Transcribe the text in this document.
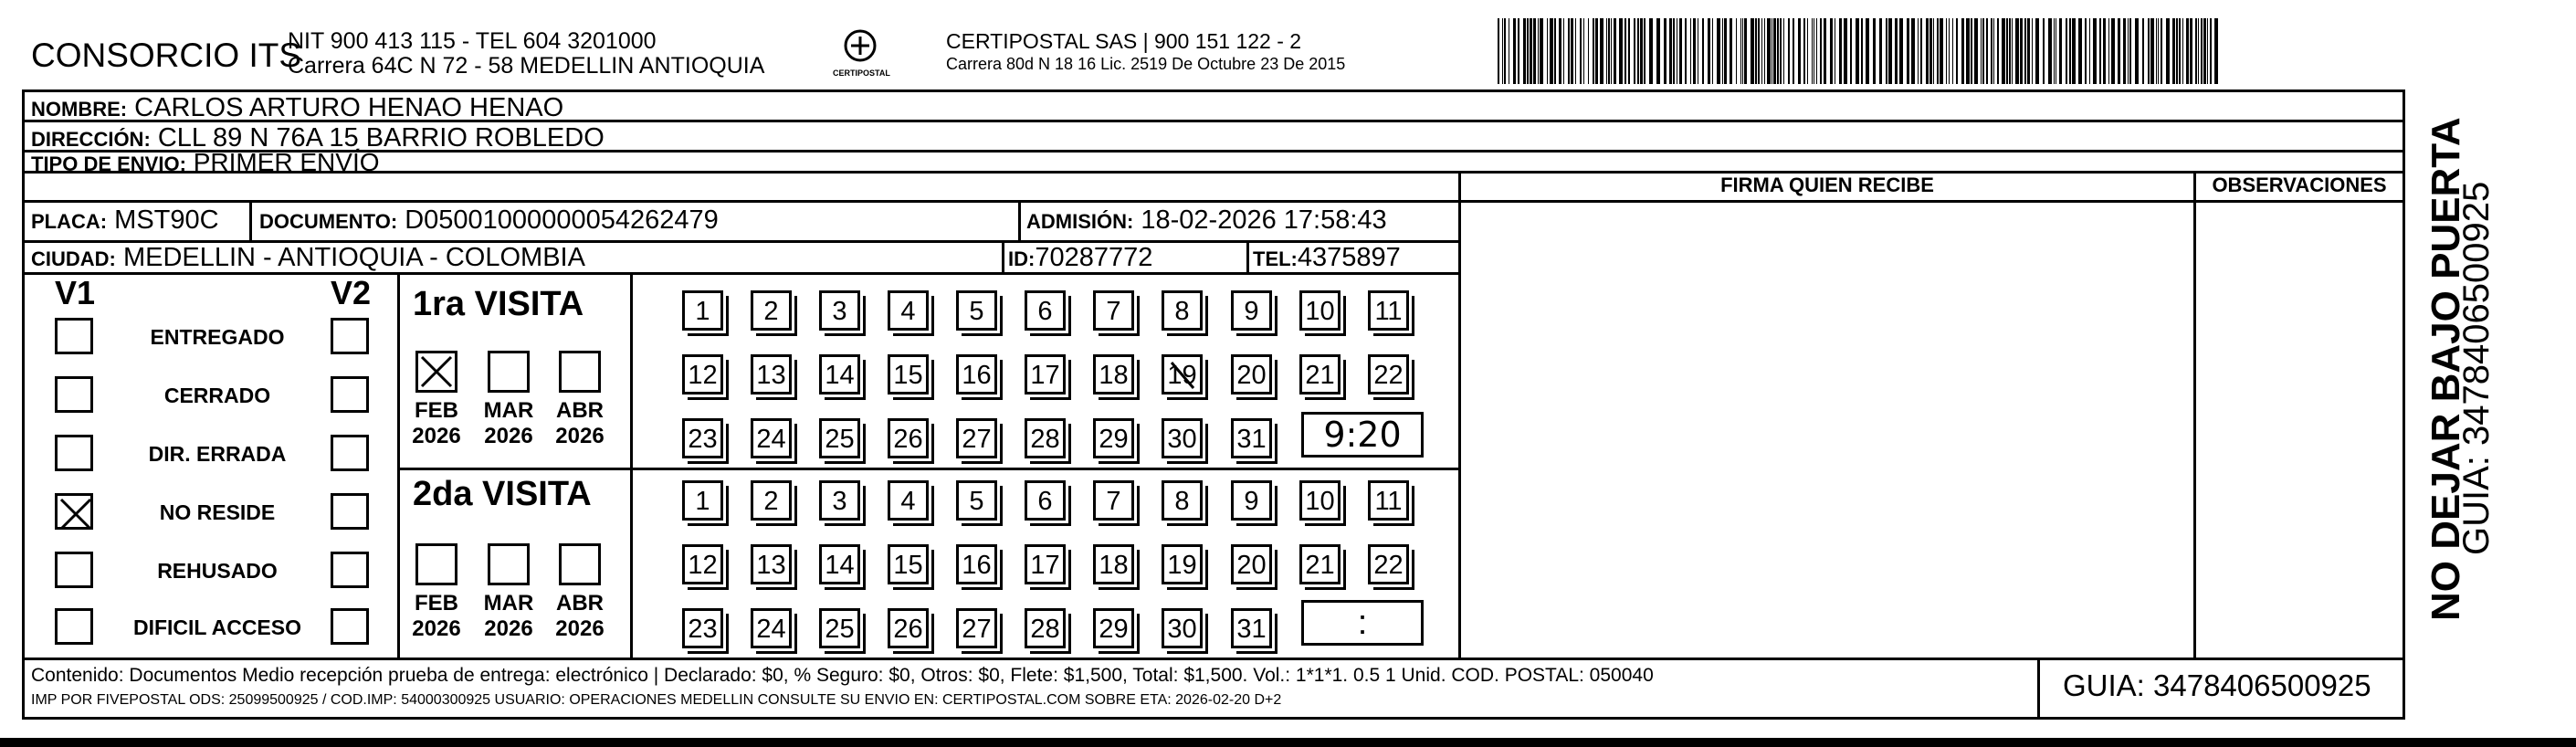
CONSORCIO ITS
NIT 900 413 115 - TEL 604 3201000
Carrera 64C N 72 - 58 MEDELLIN ANTIOQUIA	CERTIPOSTAL
CERTIPOSTAL SAS | 900 151 122 - 2
Carrera 80d N 18 16 Lic. 2519 De Octubre 23 De 2015
NOMBRE: CARLOS ARTURO HENAO HENAO
DIRECCIÓN: CLL 89 N 76A 15 BARRIO ROBLEDO
TIPO DE ENVIO: PRIMER ENVÍO
FIRMA QUIEN RECIBE	OBSERVACIONES
PLACA: MST90C DOCUMENTO: D05001000000054262479	ADMISIÓN: 18-02-2026 17:58:43
CIUDAD: MEDELLIN - ANTIOQUIA - COLOMBIA	ID:70287772	TEL:4375897
V1	V2
ENTREGADO
CERRADO
DIR. ERRADA
NO RESIDE
REHUSADO
DIFICIL ACCESO
1ra VISITA
2da VISITA
FEB
2026
MAR
2026
ABR
2026
FEB
2026
MAR
2026
ABR
2026
1	2	3	4	5	6	7	8	9	10 11
12 13 14 15 16 17 18 19 20 21 22
23 24 25 26 27 28 29 30 31
1	2	3	4	5	6	7	8	9	10 11
12 13 14 15 16 17 18 19 20 21 22
23 24 25 26 27 28 29 30 31
9:20
:
Contenido: Documentos Medio recepción prueba de entrega: electrónico | Declarado: $0, % Seguro: $0, Otros: $0, Flete: $1,500, Total: $1,500. Vol.: 1*1*1. 0.5 1 Unid. COD. POSTAL: 050040
IMP POR FIVEPOSTAL ODS: 25099500925 / COD.IMP: 54000300925 USUARIO: OPERACIONES MEDELLIN CONSULTE SU ENVIO EN: CERTIPOSTAL.COM SOBRE ETA: 2026-02-20 D+2	GUIA: 3478406500925
NO DEJAR BAJO PUERTA
GUIA: 3478406500925
